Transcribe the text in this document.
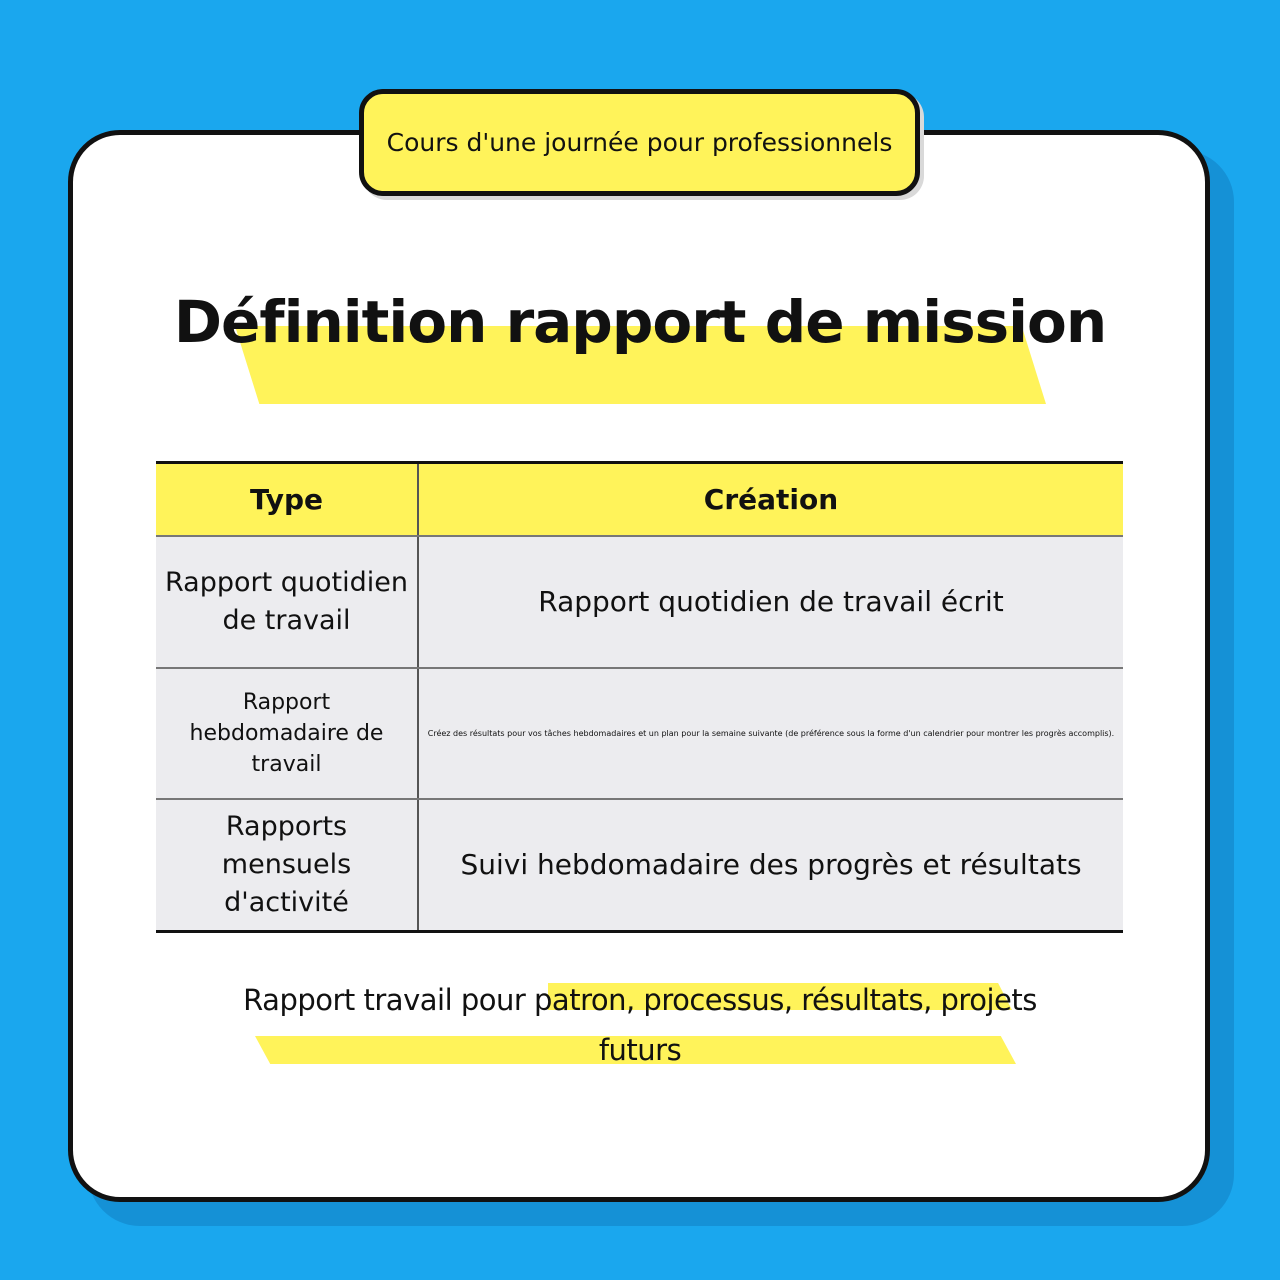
Cours d'une journée pour professionnels
Définition rapport de mission
Type	Création
Rapport quotidien de travail	Rapport quotidien de travail écrit
Rapport hebdomadaire de travail	Créez des résultats pour vos tâches hebdomadaires et un plan pour la semaine suivante (de préférence sous la forme d'un calendrier pour montrer les progrès accomplis).
Rapports mensuels d'activité	Suivi hebdomadaire des progrès et résultats
Rapport travail pour patron, processus, résultats, projets futurs
